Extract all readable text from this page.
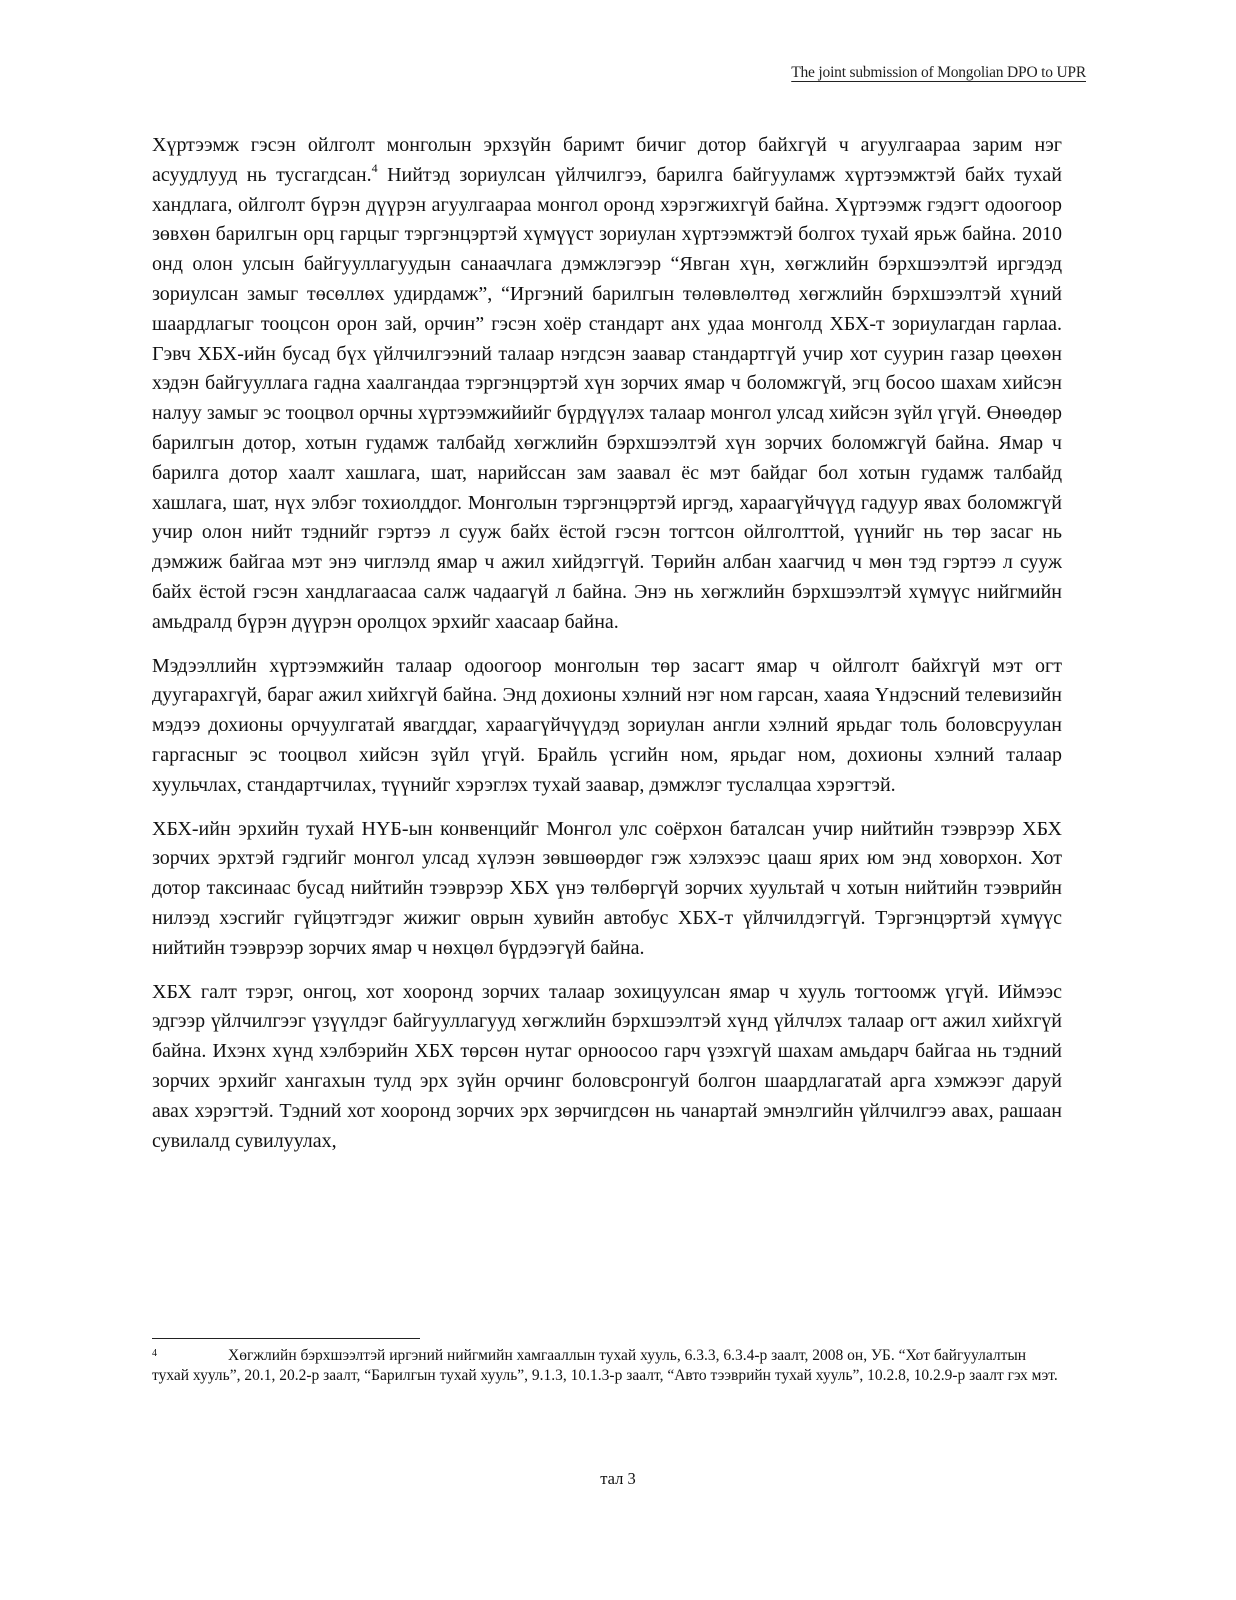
The joint submission of Mongolian DPO to UPR

Хүртээмж гэсэн ойлголт монголын эрхзүйн баримт бичиг дотор байхгүй ч агуулгаараа зарим нэг асуудлууд нь тусгагдсан.$^4$ Нийтэд зориулсан үйлчилгээ, барилга байгууламж хүртээмжтэй байх тухай хандлага, ойлголт бүрэн дүүрэн агуулгаараа монгол оронд хэрэгжихгүй байна. Хүртээмж гэдэгт одоогоор зөвхөн барилгын орц гарцыг тэргэнцэртэй хүмүүст зориулан хүртээмжтэй болгох тухай ярьж байна. 2010 онд олон улсын байгууллагуудын санаачлага дэмжлэгээр “Явган хүн, хөгжлийн бэрхшээлтэй иргэдэд зориулсан замыг төсөллөх удирдамж”, “Иргэний барилгын төлөвлөлтөд хөгжлийн бэрхшээлтэй хүний шаардлагыг тооцсон орон зай, орчин” гэсэн хоёр стандарт анх удаа монголд ХБХ-т зориулагдан гарлаа. Гэвч ХБХ-ийн бусад бүх үйлчилгээний талаар нэгдсэн заавар стандартгүй учир хот суурин газар цөөхөн хэдэн байгууллага гадна хаалгандаа тэргэнцэртэй хүн зорчих ямар ч боломжгүй, эгц босоо шахам хийсэн налуу замыг эс тооцвол орчны хүртээмжийийг бүрдүүлэх талаар монгол улсад хийсэн зүйл үгүй. Өнөөдөр барилгын дотор, хотын гудамж талбайд хөгжлийн бэрхшээлтэй хүн зорчих боломжгүй байна. Ямар ч барилга дотор хаалт хашлага, шат, нарийссан зам заавал ёс мэт байдаг бол хотын гудамж талбайд хашлага, шат, нүх элбэг тохиолддог. Монголын тэргэнцэртэй иргэд, хараагүйчүүд гадуур явах боломжгүй учир олон нийт тэднийг гэртээ л сууж байх ёстой гэсэн тогтсон ойлголттой, үүнийг нь төр засаг нь дэмжиж байгаа мэт энэ чиглэлд ямар ч ажил хийдэггүй. Төрийн албан хаагчид ч мөн тэд гэртээ л сууж байх ёстой гэсэн хандлагаасаа салж чадаагүй л байна. Энэ нь хөгжлийн бэрхшээлтэй хүмүүс нийгмийн амьдралд бүрэн дүүрэн оролцох эрхийг хаасаар байна.

Мэдээллийн хүртээмжийн талаар одоогоор монголын төр засагт ямар ч ойлголт байхгүй мэт огт дуугарахгүй, бараг ажил хийхгүй байна. Энд дохионы хэлний нэг ном гарсан, хааяа Үндэсний телевизийн мэдээ дохионы орчуулгатай явагддаг, хараагүйчүүдэд зориулан англи хэлний ярьдаг толь боловсруулан гаргасныг эс тооцвол хийсэн зүйл үгүй. Брайль үсгийн ном, ярьдаг ном, дохионы хэлний талаар хуульчлах, стандартчилах, түүнийг хэрэглэх тухай заавар, дэмжлэг туслалцаа хэрэгтэй.

ХБХ-ийн эрхийн тухай НҮБ-ын конвенцийг Монгол улс соёрхон баталсан учир нийтийн тээврээр ХБХ зорчих эрхтэй гэдгийг монгол улсад хүлээн зөвшөөрдөг гэж хэлэхээс цааш ярих юм энд ховорхон. Хот дотор таксинаас бусад нийтийн тээврээр ХБХ үнэ төлбөргүй зорчих хуультай ч хотын нийтийн тээврийн нилээд хэсгийг гүйцэтгэдэг жижиг оврын хувийн автобус ХБХ-т үйлчилдэггүй. Тэргэнцэртэй хүмүүс нийтийн тээврээр зорчих ямар ч нөхцөл бүрдээгүй байна.

ХБХ галт тэрэг, онгоц, хот хооронд зорчих талаар зохицуулсан ямар ч хууль тогтоомж үгүй. Иймээс эдгээр үйлчилгээг үзүүлдэг байгууллагууд хөгжлийн бэрхшээлтэй хүнд үйлчлэх талаар огт ажил хийхгүй байна. Ихэнх хүнд хэлбэрийн ХБХ төрсөн нутаг орноосоо гарч үзэхгүй шахам амьдарч байгаа нь тэдний зорчих эрхийг хангахын тулд эрх зүйн орчинг боловсронгуй болгон шаардлагатай арга хэмжээг даруй авах хэрэгтэй. Тэдний хот хооронд зорчих эрх зөрчигдсөн нь чанартай эмнэлгийн үйлчилгээ авах, рашаан сувилалд сувилуулах,

4	Хөгжлийн бэрхшээлтэй иргэний нийгмийн хамгааллын тухай хууль, 6.3.3, 6.3.4-р заалт, 2008 он, УБ. “Хот байгуулалтын тухай хууль”, 20.1, 20.2-р заалт, “Барилгын тухай хууль”, 9.1.3, 10.1.3-р заалт, “Авто тээврийн тухай хууль”, 10.2.8, 10.2.9-р заалт гэх мэт.
тал 3
